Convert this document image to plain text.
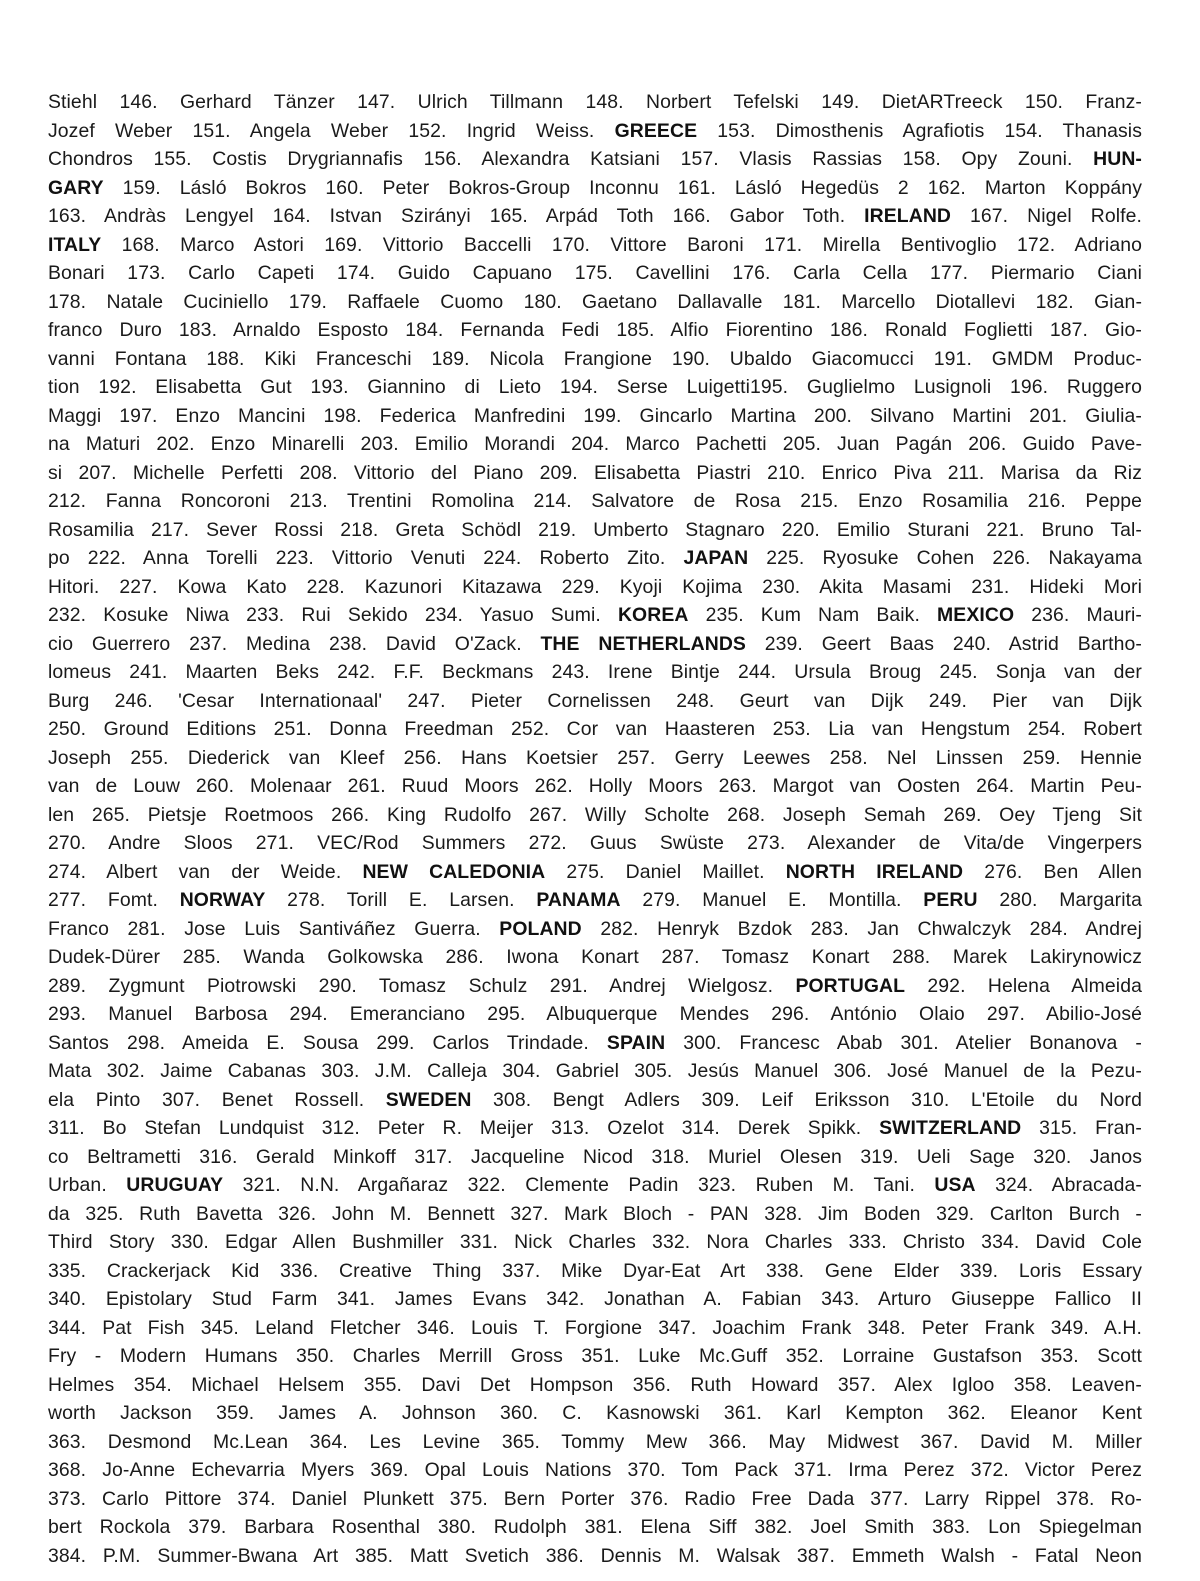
Stiehl 146. Gerhard Tänzer 147. Ulrich Tillmann 148. Norbert Tefelski 149. DietARTreeck 150. Franz-
Jozef Weber 151. Angela Weber 152. Ingrid Weiss. GREECE 153. Dimosthenis Agrafiotis 154. Thanasis
Chondros 155. Costis Drygriannafis 156. Alexandra Katsiani 157. Vlasis Rassias 158. Opy Zouni. HUN-
GARY 159. Lásló Bokros 160. Peter Bokros-Group Inconnu 161. Lásló Hegedüs 2 162. Marton Koppány
163. Andràs Lengyel 164. Istvan Szirányi 165. Arpád Toth 166. Gabor Toth. IRELAND 167. Nigel Rolfe.
ITALY 168. Marco Astori 169. Vittorio Baccelli 170. Vittore Baroni 171. Mirella Bentivoglio 172. Adriano
Bonari 173. Carlo Capeti 174. Guido Capuano 175. Cavellini 176. Carla Cella 177. Piermario Ciani
178. Natale Cuciniello 179. Raffaele Cuomo 180. Gaetano Dallavalle 181. Marcello Diotallevi 182. Gian-
franco Duro 183. Arnaldo Esposto 184. Fernanda Fedi 185. Alfio Fiorentino 186. Ronald Foglietti 187. Gio-
vanni Fontana 188. Kiki Franceschi 189. Nicola Frangione 190. Ubaldo Giacomucci 191. GMDM Produc-
tion 192. Elisabetta Gut 193. Giannino di Lieto 194. Serse Luigetti195. Guglielmo Lusignoli 196. Ruggero
Maggi 197. Enzo Mancini 198. Federica Manfredini 199. Gincarlo Martina 200. Silvano Martini 201. Giulia-
na Maturi 202. Enzo Minarelli 203. Emilio Morandi 204. Marco Pachetti 205. Juan Pagán 206. Guido Pave-
si 207. Michelle Perfetti 208. Vittorio del Piano 209. Elisabetta Piastri 210. Enrico Piva 211. Marisa da Riz
212. Fanna Roncoroni 213. Trentini Romolina 214. Salvatore de Rosa 215. Enzo Rosamilia 216. Peppe
Rosamilia 217. Sever Rossi 218. Greta Schödl 219. Umberto Stagnaro 220. Emilio Sturani 221. Bruno Tal-
po 222. Anna Torelli 223. Vittorio Venuti 224. Roberto Zito. JAPAN 225. Ryosuke Cohen 226. Nakayama
Hitori. 227. Kowa Kato 228. Kazunori Kitazawa 229. Kyoji Kojima 230. Akita Masami 231. Hideki Mori
232. Kosuke Niwa 233. Rui Sekido 234. Yasuo Sumi. KOREA 235. Kum Nam Baik. MEXICO 236. Mauri-
cio Guerrero 237. Medina 238. David O'Zack. THE NETHERLANDS 239. Geert Baas 240. Astrid Bartho-
lomeus 241. Maarten Beks 242. F.F. Beckmans 243. Irene Bintje 244. Ursula Broug 245. Sonja van der
Burg 246. 'Cesar Internationaal' 247. Pieter Cornelissen 248. Geurt van Dijk 249. Pier van Dijk
250. Ground Editions 251. Donna Freedman 252. Cor van Haasteren 253. Lia van Hengstum 254. Robert
Joseph 255. Diederick van Kleef 256. Hans Koetsier 257. Gerry Leewes 258. Nel Linssen 259. Hennie
van de Louw 260. Molenaar 261. Ruud Moors 262. Holly Moors 263. Margot van Oosten 264. Martin Peu-
len 265. Pietsje Roetmoos 266. King Rudolfo 267. Willy Scholte 268. Joseph Semah 269. Oey Tjeng Sit
270. Andre Sloos 271. VEC/Rod Summers 272. Guus Swüste 273. Alexander de Vita/de Vingerpers
274. Albert van der Weide. NEW CALEDONIA 275. Daniel Maillet. NORTH IRELAND 276. Ben Allen
277. Fomt. NORWAY 278. Torill E. Larsen. PANAMA 279. Manuel E. Montilla. PERU 280. Margarita
Franco 281. Jose Luis Santiváñez Guerra. POLAND 282. Henryk Bzdok 283. Jan Chwalczyk 284. Andrej
Dudek-Dürer 285. Wanda Golkowska 286. Iwona Konart 287. Tomasz Konart 288. Marek Lakirynowicz
289. Zygmunt Piotrowski 290. Tomasz Schulz 291. Andrej Wielgosz. PORTUGAL 292. Helena Almeida
293. Manuel Barbosa 294. Emeranciano 295. Albuquerque Mendes 296. António Olaio 297. Abilio-José
Santos 298. Ameida E. Sousa 299. Carlos Trindade. SPAIN 300. Francesc Abab 301. Atelier Bonanova -
Mata 302. Jaime Cabanas 303. J.M. Calleja 304. Gabriel 305. Jesús Manuel 306. José Manuel de la Pezu-
ela Pinto 307. Benet Rossell. SWEDEN 308. Bengt Adlers 309. Leif Eriksson 310. L'Etoile du Nord
311. Bo Stefan Lundquist 312. Peter R. Meijer 313. Ozelot 314. Derek Spikk. SWITZERLAND 315. Fran-
co Beltrametti 316. Gerald Minkoff 317. Jacqueline Nicod 318. Muriel Olesen 319. Ueli Sage 320. Janos
Urban. URUGUAY 321. N.N. Argañaraz 322. Clemente Padin 323. Ruben M. Tani. USA 324. Abracada-
da 325. Ruth Bavetta 326. John M. Bennett 327. Mark Bloch - PAN 328. Jim Boden 329. Carlton Burch -
Third Story 330. Edgar Allen Bushmiller 331. Nick Charles 332. Nora Charles 333. Christo 334. David Cole
335. Crackerjack Kid 336. Creative Thing 337. Mike Dyar-Eat Art 338. Gene Elder 339. Loris Essary
340. Epistolary Stud Farm 341. James Evans 342. Jonathan A. Fabian 343. Arturo Giuseppe Fallico II
344. Pat Fish 345. Leland Fletcher 346. Louis T. Forgione 347. Joachim Frank 348. Peter Frank 349. A.H.
Fry - Modern Humans 350. Charles Merrill Gross 351. Luke Mc.Guff 352. Lorraine Gustafson 353. Scott
Helmes 354. Michael Helsem 355. Davi Det Hompson 356. Ruth Howard 357. Alex Igloo 358. Leaven-
worth Jackson 359. James A. Johnson 360. C. Kasnowski 361. Karl Kempton 362. Eleanor Kent
363. Desmond Mc.Lean 364. Les Levine 365. Tommy Mew 366. May Midwest 367. David M. Miller
368. Jo-Anne Echevarria Myers 369. Opal Louis Nations 370. Tom Pack 371. Irma Perez 372. Victor Perez
373. Carlo Pittore 374. Daniel Plunkett 375. Bern Porter 376. Radio Free Dada 377. Larry Rippel 378. Ro-
bert Rockola 379. Barbara Rosenthal 380. Rudolph 381. Elena Siff 382. Joel Smith 383. Lon Spiegelman
384. P.M. Summer-Bwana Art 385. Matt Svetich 386. Dennis M. Walsak 387. Emmeth Walsh - Fatal Neon
